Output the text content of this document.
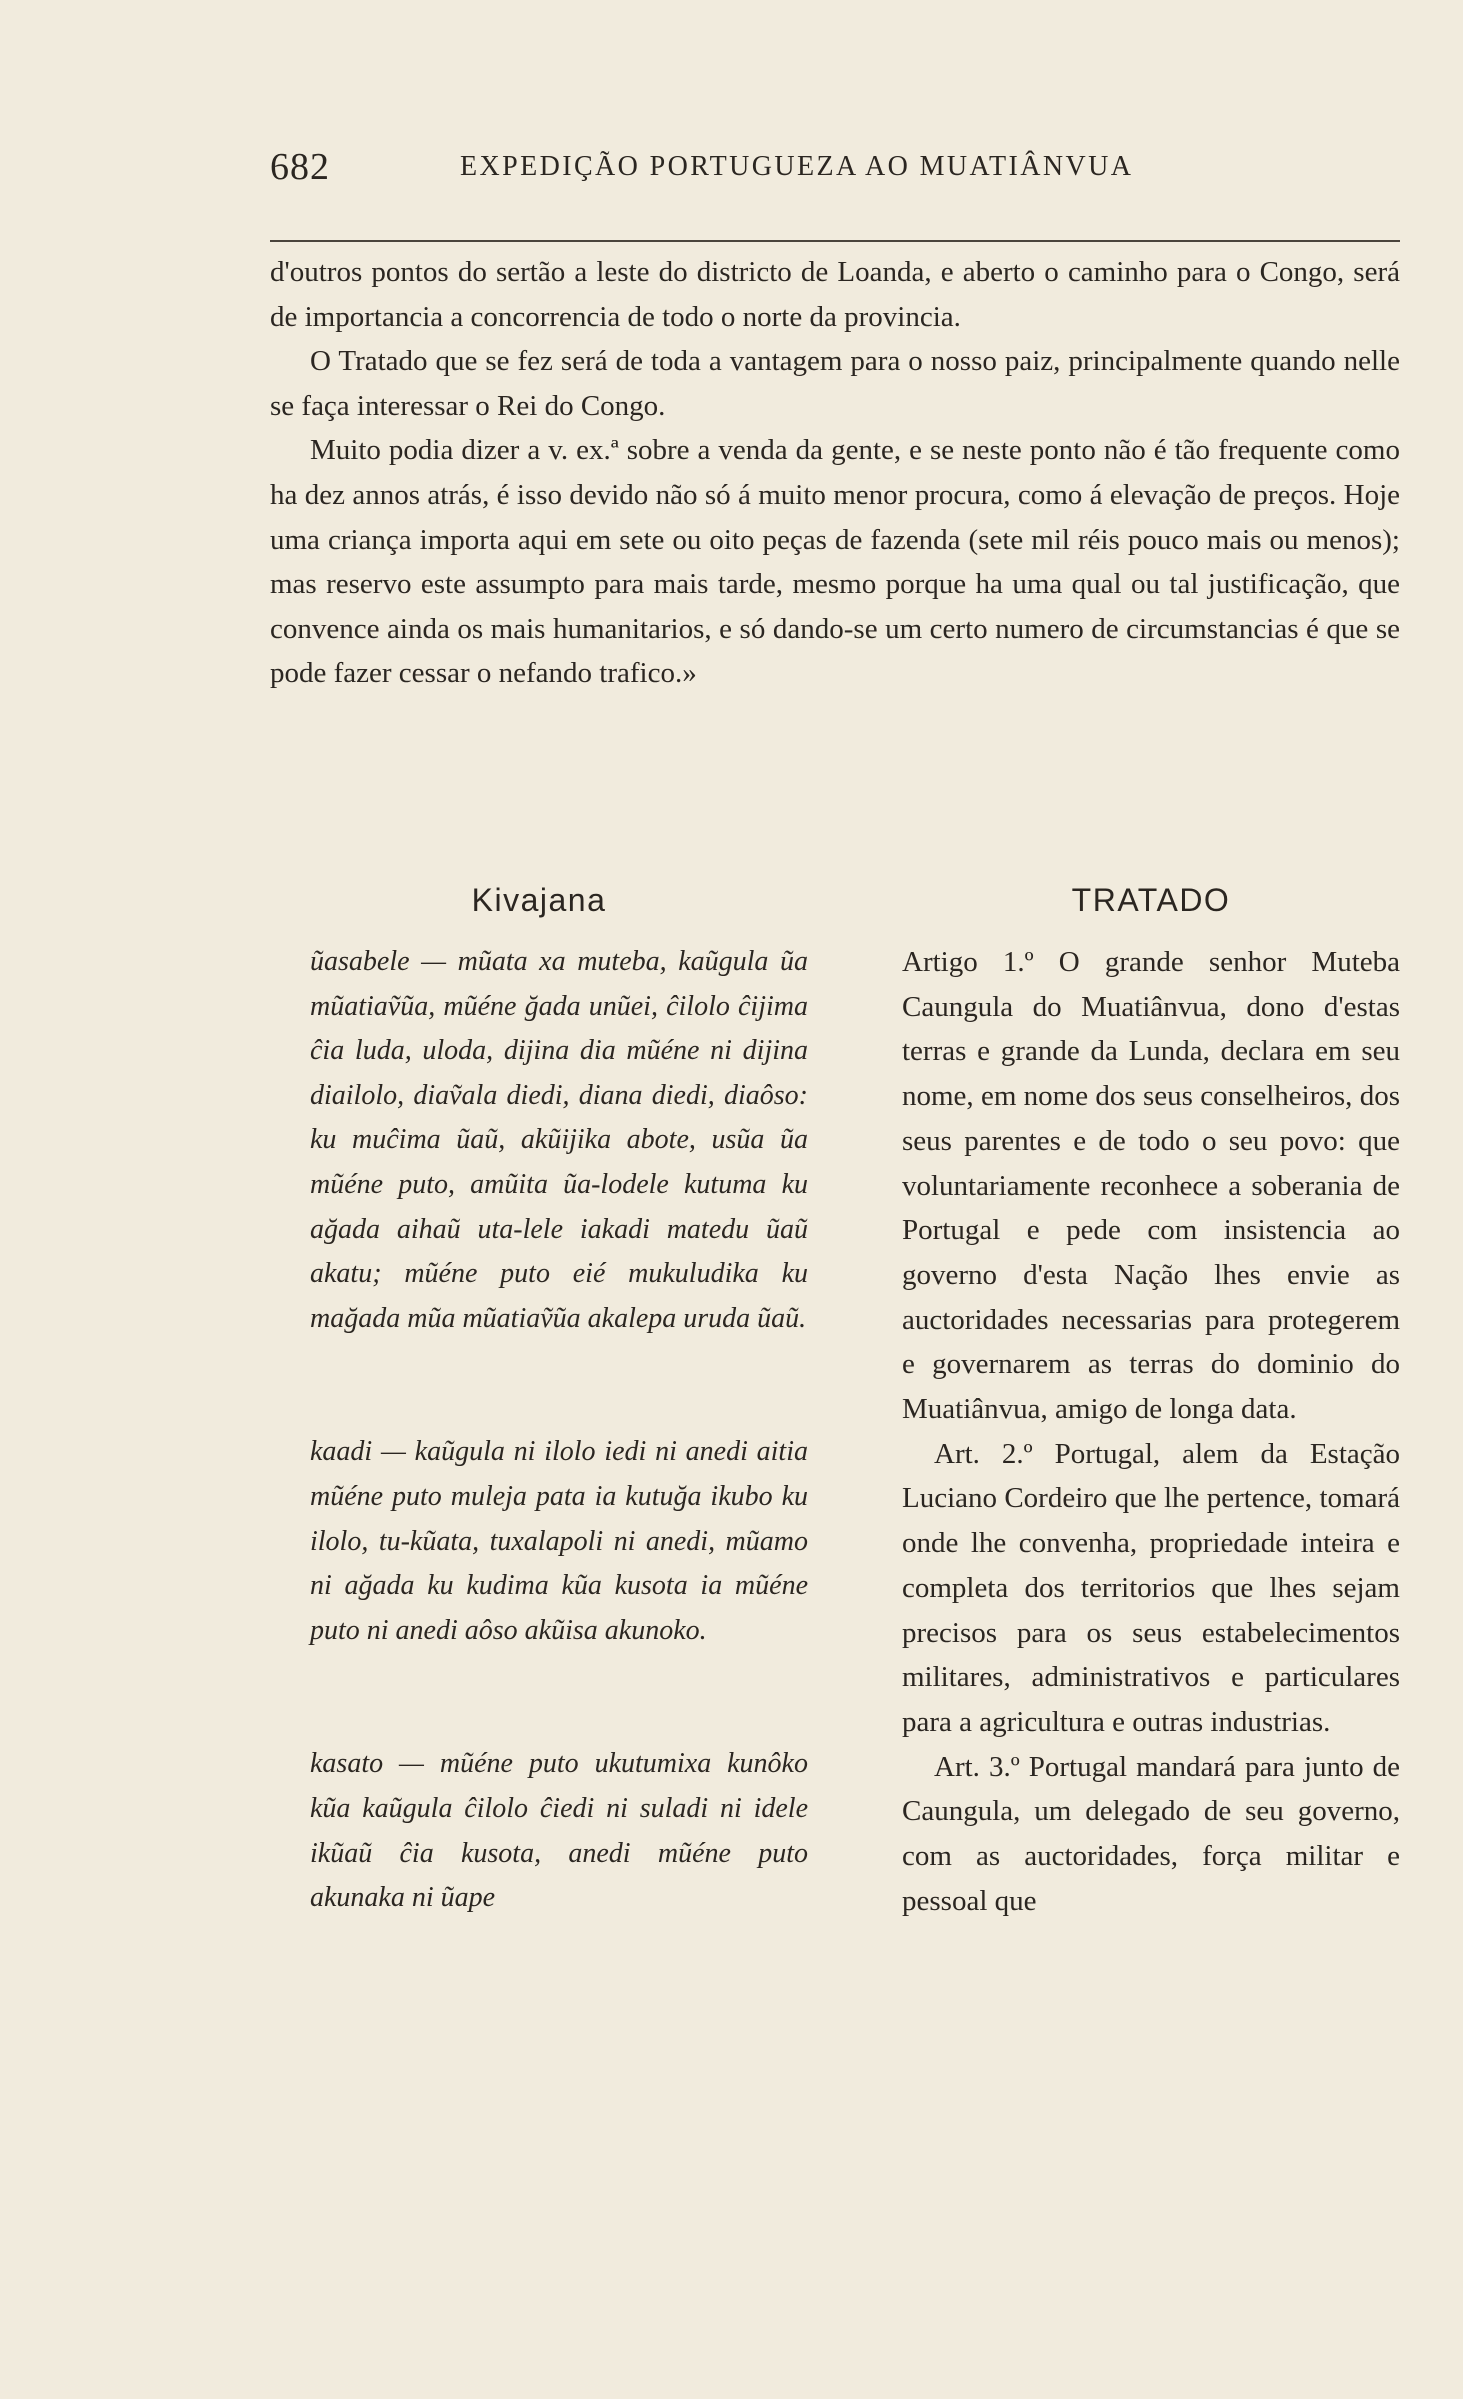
682	EXPEDIÇÃO PORTUGUEZA AO MUATIÂNVUA

d'outros pontos do sertão a leste do districto de Loanda, e aberto o caminho para o Congo, será de importancia a concorrencia de todo o norte da provincia.

O Tratado que se fez será de toda a vantagem para o nosso paiz, principalmente quando nelle se faça interessar o Rei do Congo.

Muito podia dizer a v. ex.ª sobre a venda da gente, e se neste ponto não é tão frequente como ha dez annos atrás, é isso devido não só á muito menor procura, como á elevação de preços. Hoje uma criança importa aqui em sete ou oito peças de fazenda (sete mil réis pouco mais ou menos); mas reservo este assumpto para mais tarde, mesmo porque ha uma qual ou tal justificação, que convence ainda os mais humanitarios, e só dando-se um certo numero de circumstancias é que se pode fazer cessar o nefando trafico.»

Kivajana

ũasabele — mũata xa muteba, kaũgula ũa mũatiaṽũa, mũéne ğada unũei, ĉilolo ĉijima ĉia luda, uloda, dijina dia mũéne ni dijina diailolo, diaṽala diedi, diana diedi, diaôso: ku muĉima ũaũ, akũijika abote, usũa ũa mũéne puto, amũita ũa-lodele kutuma ku ağada aihaũ uta-lele iakadi matedu ũaũ akatu; mũéne puto eié mukuludika ku mağada mũa mũatiaṽũa akalepa uruda ũaũ.

kaadi — kaũgula ni ilolo iedi ni anedi aitia mũéne puto muleja pata ia kutuğa ikubo ku ilolo, tu-kũata, tuxalapoli ni anedi, mũamo ni ağada ku kudima kũa kusota ia mũéne puto ni anedi aôso akũisa akunoko.

kasato — mũéne puto ukutumixa kunôko kũa kaũgula ĉilolo ĉiedi ni suladi ni idele ikũaũ ĉia kusota, anedi mũéne puto akunaka ni ũape

TRATADO

Artigo 1.º O grande senhor Muteba Caungula do Muatiânvua, dono d'estas terras e grande da Lunda, declara em seu nome, em nome dos seus conselheiros, dos seus parentes e de todo o seu povo: que voluntariamente reconhece a soberania de Portugal e pede com insistencia ao governo d'esta Nação lhes envie as auctoridades necessarias para protegerem e governarem as terras do dominio do Muatiânvua, amigo de longa data.

Art. 2.º Portugal, alem da Estação Luciano Cordeiro que lhe pertence, tomará onde lhe convenha, propriedade inteira e completa dos territorios que lhes sejam precisos para os seus estabelecimentos militares, administrativos e particulares para a agricultura e outras industrias.

Art. 3.º Portugal mandará para junto de Caungula, um delegado de seu governo, com as auctoridades, força militar e pessoal que
